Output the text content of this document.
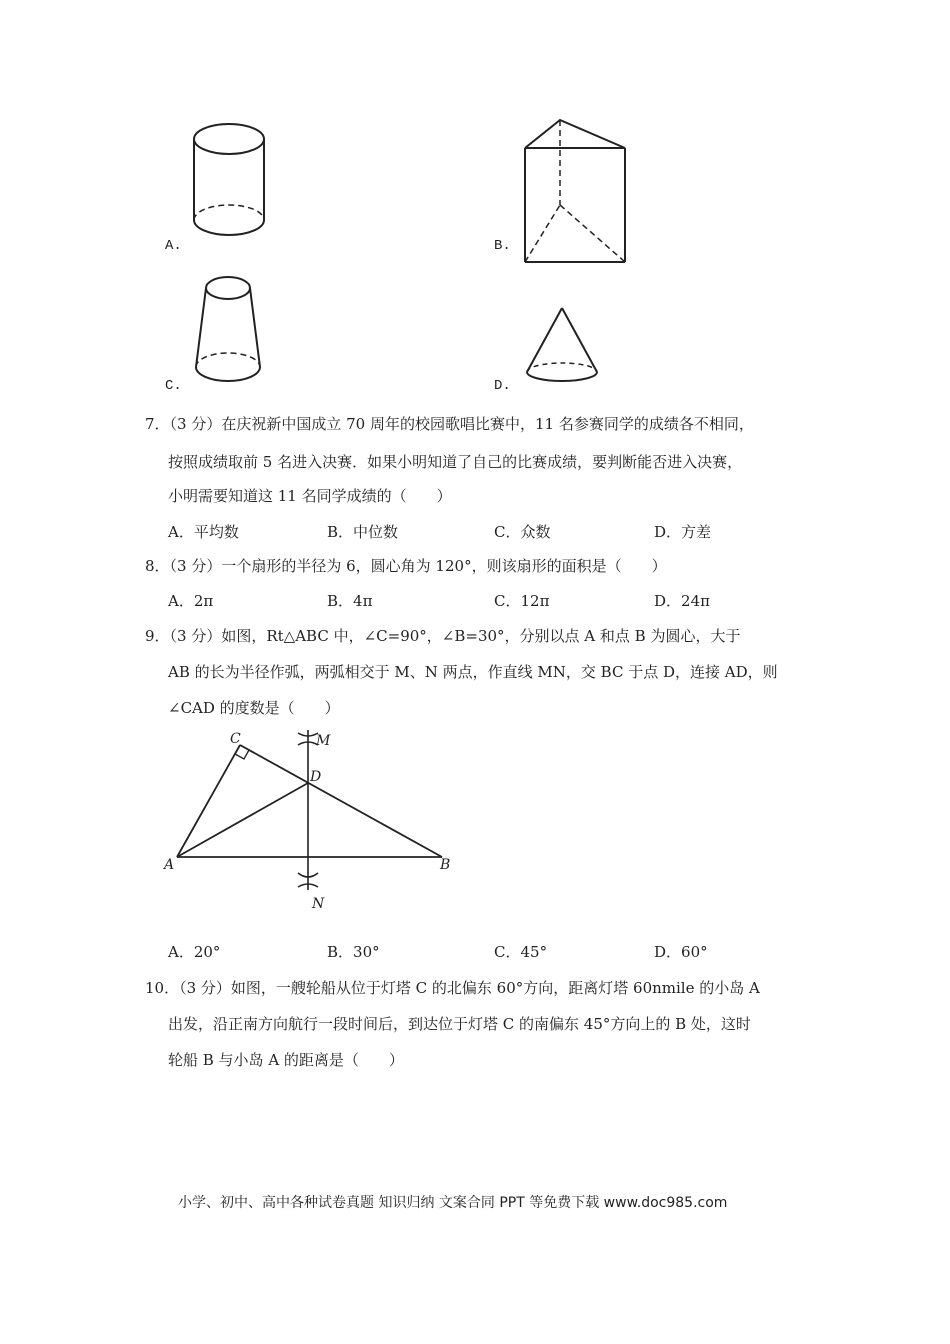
A.	B.
C.	D.
7．（3 分）在庆祝新中国成立 70 周年的校园歌唱比赛中，11 名参赛同学的成绩各不相同，
按照成绩取前 5 名进入决赛．如果小明知道了自己的比赛成绩，要判断能否进入决赛，
小明需要知道这 11 名同学成绩的（　　）
A．平均数	B．中位数	C．众数	D．方差
8．（3 分）一个扇形的半径为 6，圆心角为 120°，则该扇形的面积是（　　）
A．2π	B．4π	C．12π	D．24π
9．（3 分）如图，Rt△ABC 中，∠C=90°，∠B=30°，分别以点 A 和点 B 为圆心，大于
AB 的长为半径作弧，两弧相交于 M、N 两点，作直线 MN，交 BC 于点 D，连接 AD，则
∠CAD 的度数是（　　）
A	B
C
D
M
N
A．20°	B．30°	C．45°	D．60°
10．（3 分）如图，一艘轮船从位于灯塔 C 的北偏东 60°方向，距离灯塔 60nmile 的小岛 A
出发，沿正南方向航行一段时间后，到达位于灯塔 C 的南偏东 45°方向上的 B 处，这时
轮船 B 与小岛 A 的距离是（　　）
小学、初中、高中各种试卷真题 知识归纳 文案合同 PPT 等免费下载 www.doc985.com
